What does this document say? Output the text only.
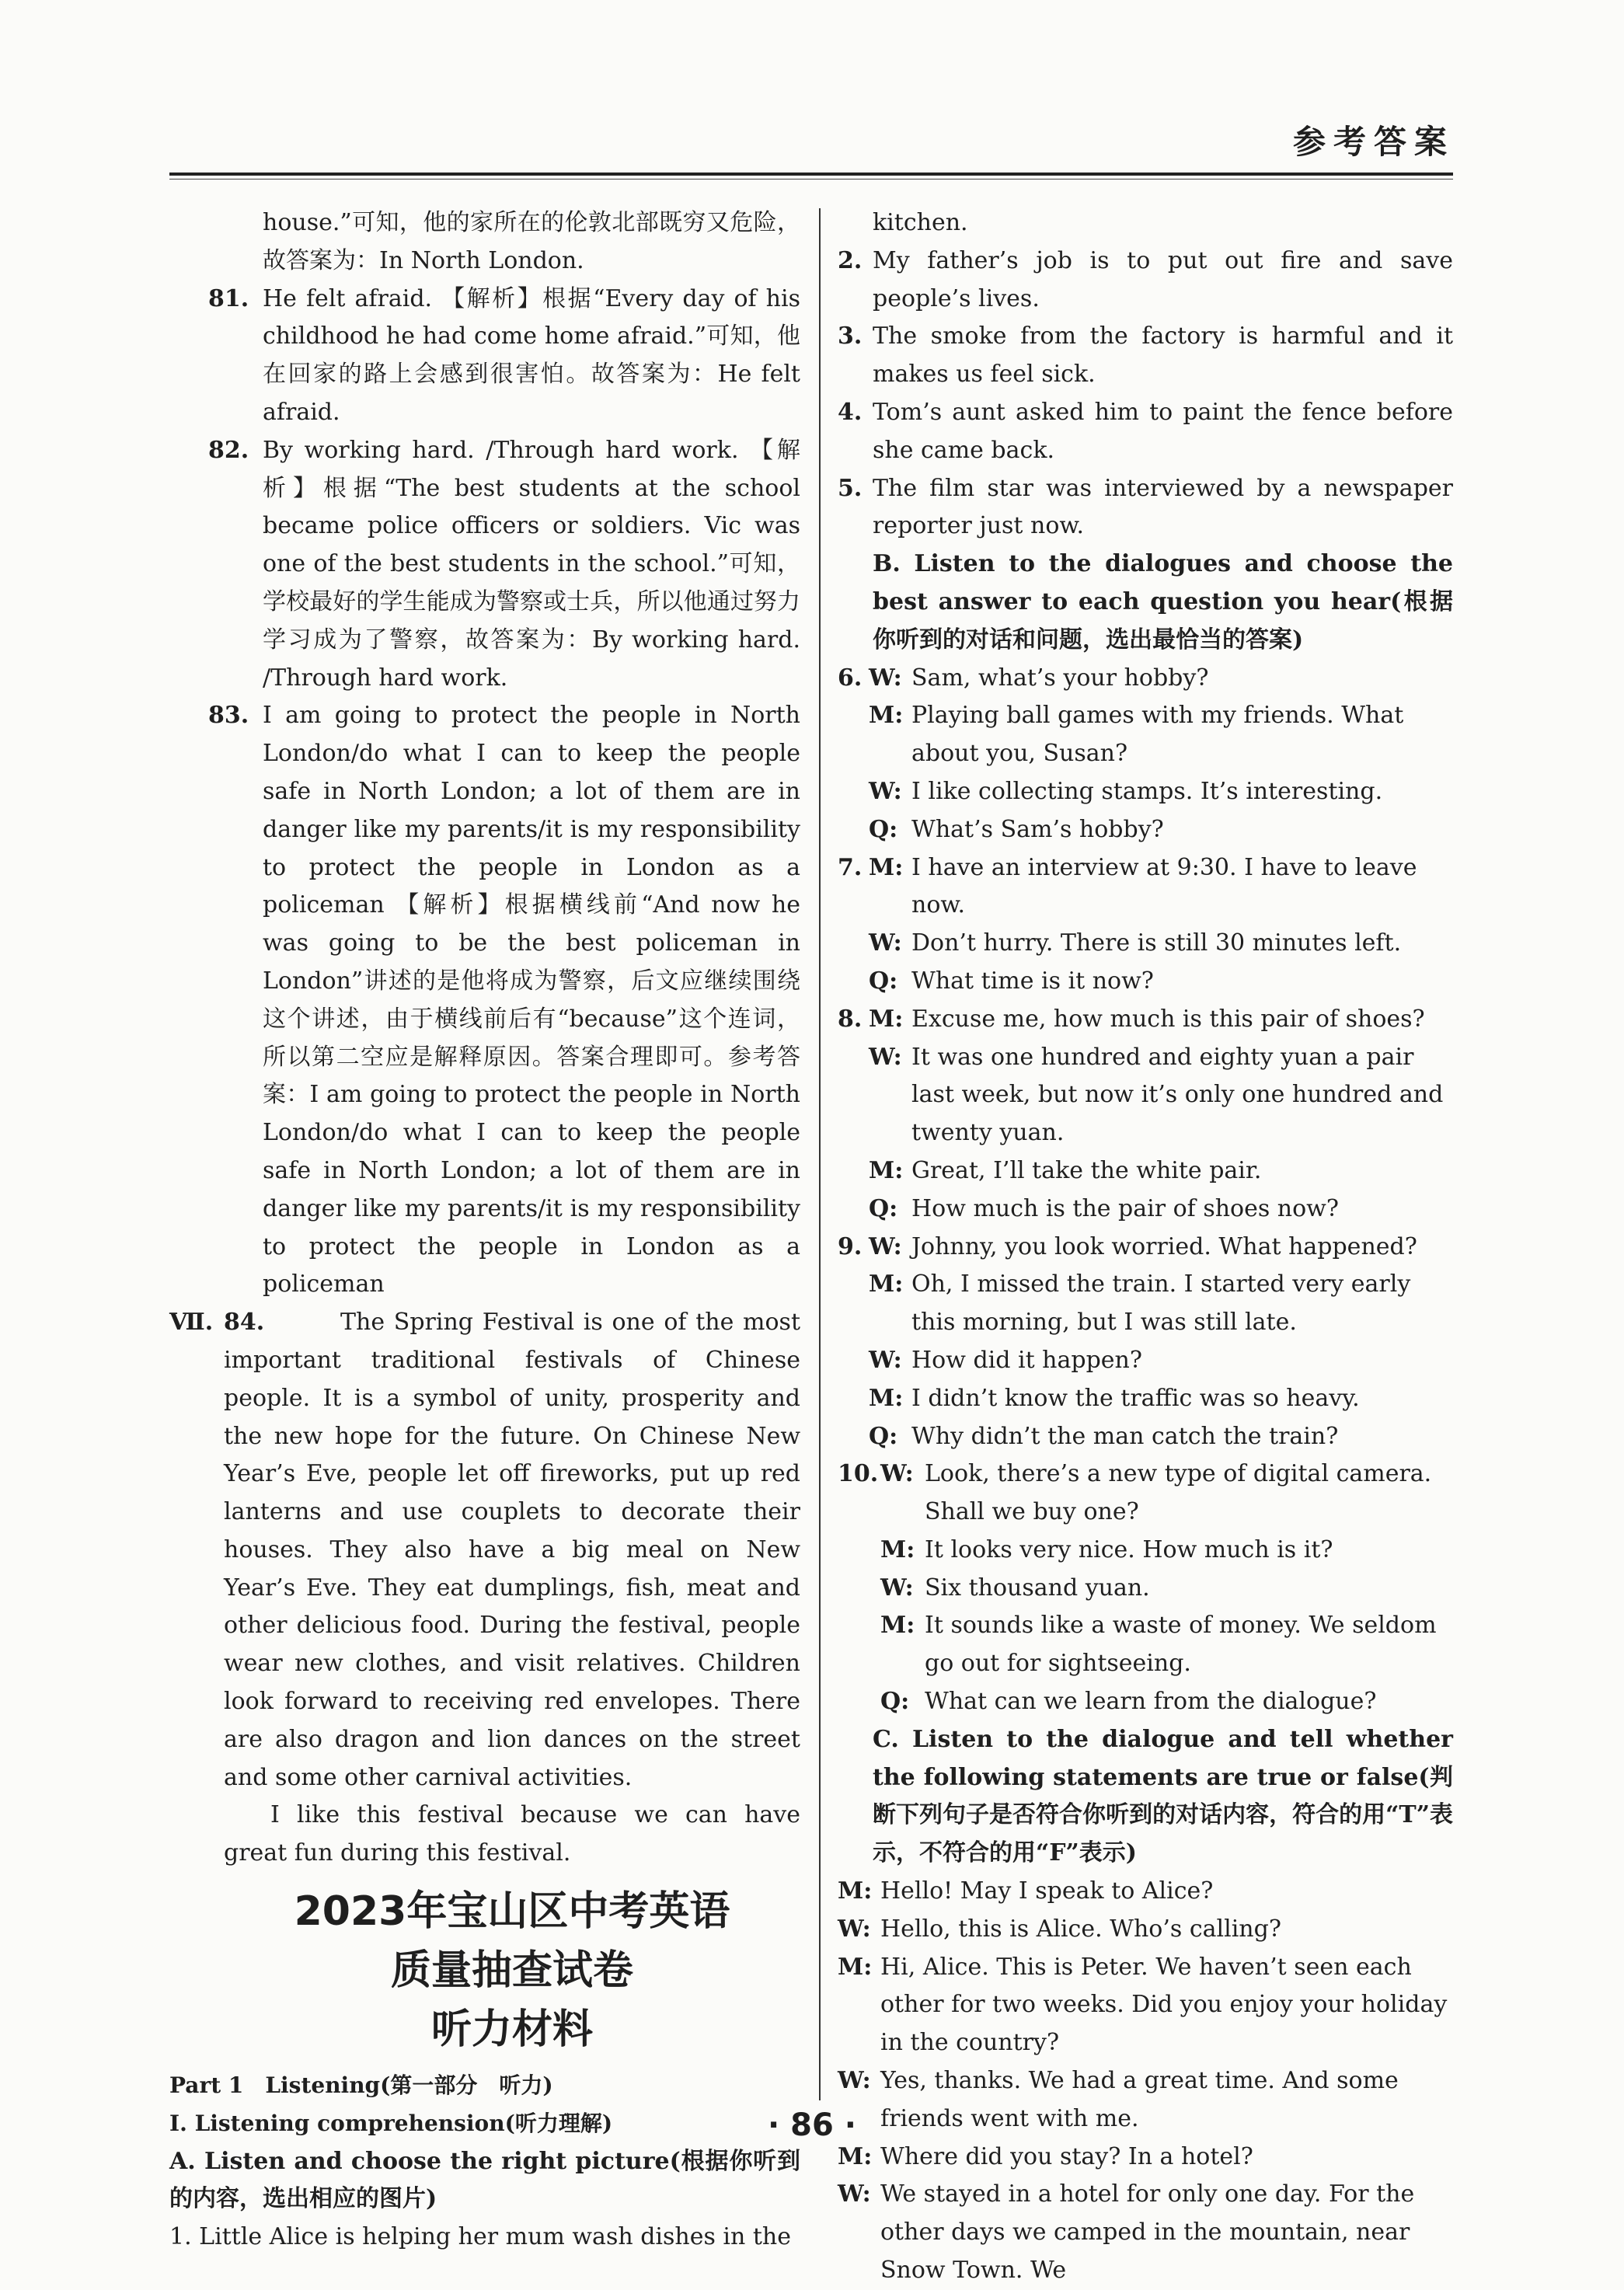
参考答案
house.”可知，他的家所在的伦敦北部既穷又危险，故答案为：In North London.
81. He felt afraid. 【解析】根据“Every day of his childhood he had come home afraid.”可知，他在回家的路上会感到很害怕。故答案为：He felt afraid.
82. By working hard. /Through hard work. 【解析】根据“The best students at the school became police officers or soldiers. Vic was one of the best students in the school.”可知，学校最好的学生能成为警察或士兵，所以他通过努力学习成为了警察，故答案为：By working hard. /Through hard work.
83. I am going to protect the people in North London/do what I can to keep the people safe in North London; a lot of them are in danger like my parents/it is my responsibility to protect the people in London as a policeman 【解析】根据横线前“And now he was going to be the best policeman in London”讲述的是他将成为警察，后文应继续围绕这个讲述，由于横线前后有“because”这个连词，所以第二空应是解释原因。答案合理即可。参考答案：I am going to protect the people in North London/do what I can to keep the people safe in North London; a lot of them are in danger like my parents/it is my responsibility to protect the people in London as a policeman
Ⅶ. 84.	The Spring Festival is one of the most important traditional festivals of Chinese people. It is a symbol of unity, prosperity and the new hope for the future. On Chinese New Year’s Eve, people let off fireworks, put up red lanterns and use couplets to decorate their houses. They also have a big meal on New Year’s Eve. They eat dumplings, fish, meat and other delicious food. During the festival, people wear new clothes, and visit relatives. Children look forward to receiving red envelopes. There are also dragon and lion dances on the street and some other carnival activities.
I like this festival because we can have great fun during this festival.
2023年宝山区中考英语
质量抽查试卷
听力材料
Part 1　Listening(第一部分　听力)
Ⅰ. Listening comprehension(听力理解)
A. Listen and choose the right picture(根据你听到的内容，选出相应的图片)
1. Little Alice is helping her mum wash dishes in the
kitchen.
2. My father’s job is to put out fire and save people’s lives.
3. The smoke from the factory is harmful and it makes us feel sick.
4. Tom’s aunt asked him to paint the fence before she came back.
5. The film star was interviewed by a newspaper reporter just now.
B. Listen to the dialogues and choose the best answer to each question you hear(根据你听到的对话和问题，选出最恰当的答案)
6. W: Sam, what’s your hobby?
M: Playing ball games with my friends. What about you, Susan?
W: I like collecting stamps. It’s interesting.
Q: What’s Sam’s hobby?
7. M: I have an interview at 9:30. I have to leave now.
W: Don’t hurry. There is still 30 minutes left.
Q: What time is it now?
8. M: Excuse me, how much is this pair of shoes?
W: It was one hundred and eighty yuan a pair last week, but now it’s only one hundred and twenty yuan.
M: Great, I’ll take the white pair.
Q: How much is the pair of shoes now?
9. W: Johnny, you look worried. What happened?
M: Oh, I missed the train. I started very early this morning, but I was still late.
W: How did it happen?
M: I didn’t know the traffic was so heavy.
Q: Why didn’t the man catch the train?
10. W: Look, there’s a new type of digital camera. Shall we buy one?
M: It looks very nice. How much is it?
W: Six thousand yuan.
M: It sounds like a waste of money. We seldom go out for sightseeing.
Q: What can we learn from the dialogue?
C. Listen to the dialogue and tell whether the following statements are true or false(判断下列句子是否符合你听到的对话内容，符合的用“T”表示，不符合的用“F”表示)
M: Hello! May I speak to Alice?
W: Hello, this is Alice. Who’s calling?
M: Hi, Alice. This is Peter. We haven’t seen each other for two weeks. Did you enjoy your holiday in the country?
W: Yes, thanks. We had a great time. And some friends went with me.
M: Where did you stay? In a hotel?
W: We stayed in a hotel for only one day. For the other days we camped in the mountain, near Snow Town. We
· 86 ·
